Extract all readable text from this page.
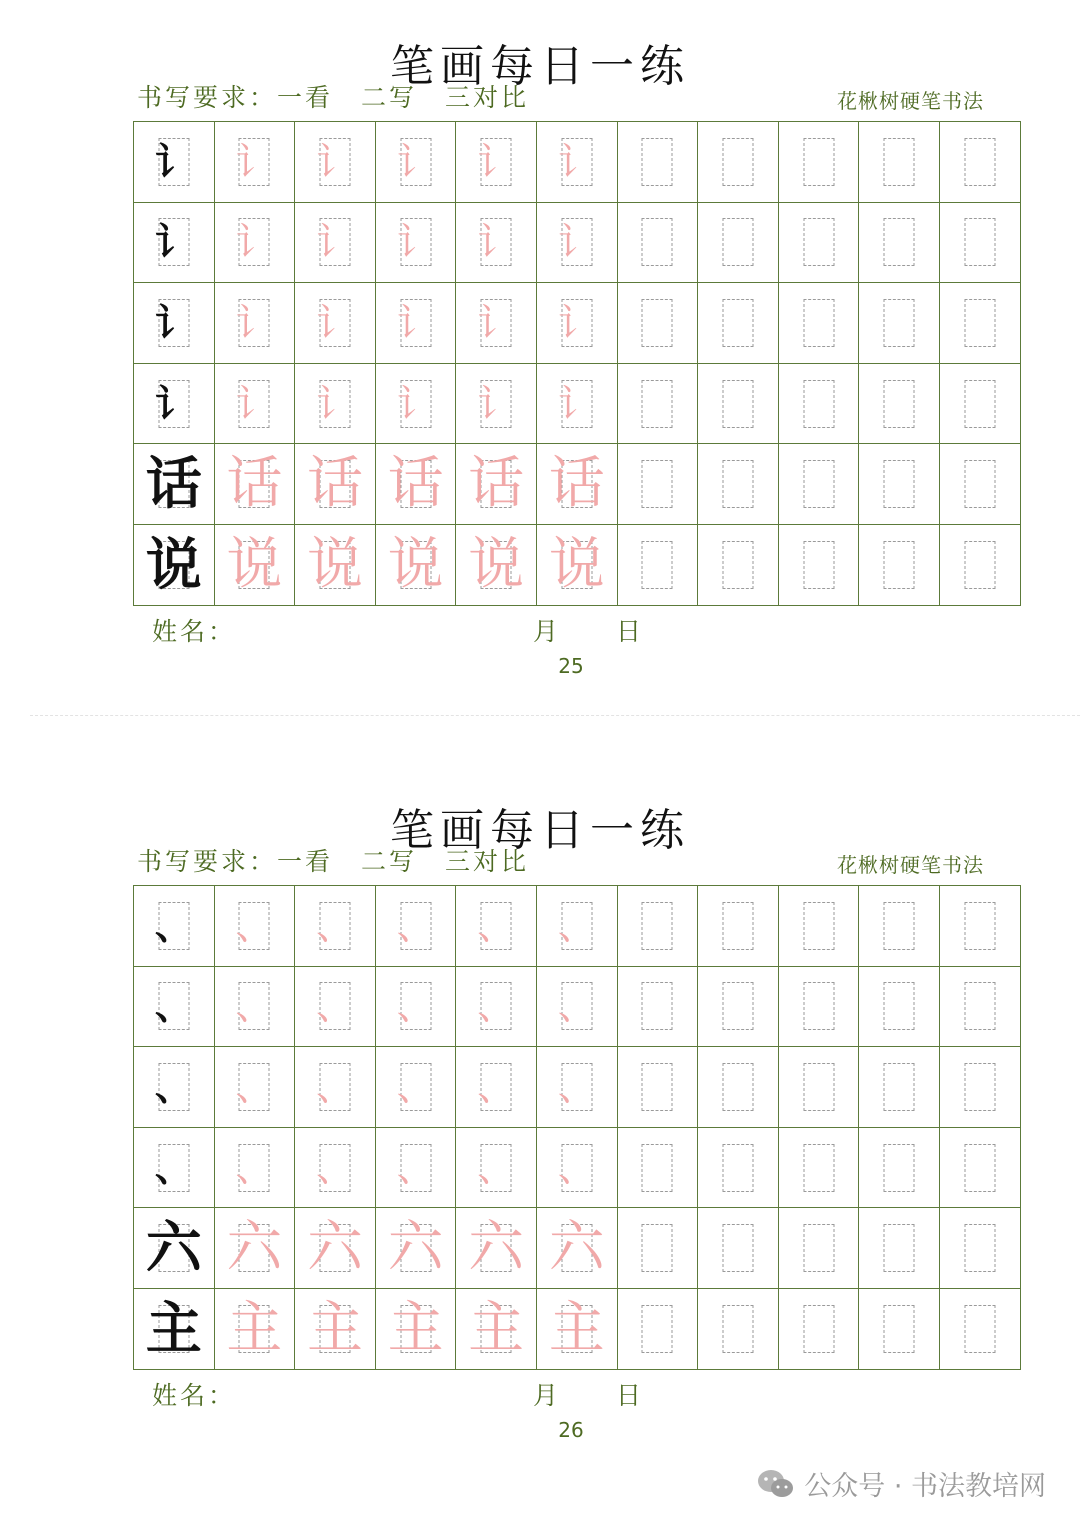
笔画每日一练
书写要求：一看　二写　三对比	花楸树硬笔书法
讠	讠	讠	讠	讠	讠					

讠	讠	讠	讠	讠	讠					

讠	讠	讠	讠	讠	讠					

讠	讠	讠	讠	讠	讠					

话	话	话	话	话	话					

说	说	说	说	说	说					

姓名：	月 日
25
笔画每日一练
书写要求：一看　二写　三对比	花楸树硬笔书法
、	、	、	、	、	、					

、	、	、	、	、	、					

、	、	、	、	、	、					

、	、	、	、	、	、					

六	六	六	六	六	六					

主	主	主	主	主	主					

姓名：	月 日
26
公众号 · 书法教培网
